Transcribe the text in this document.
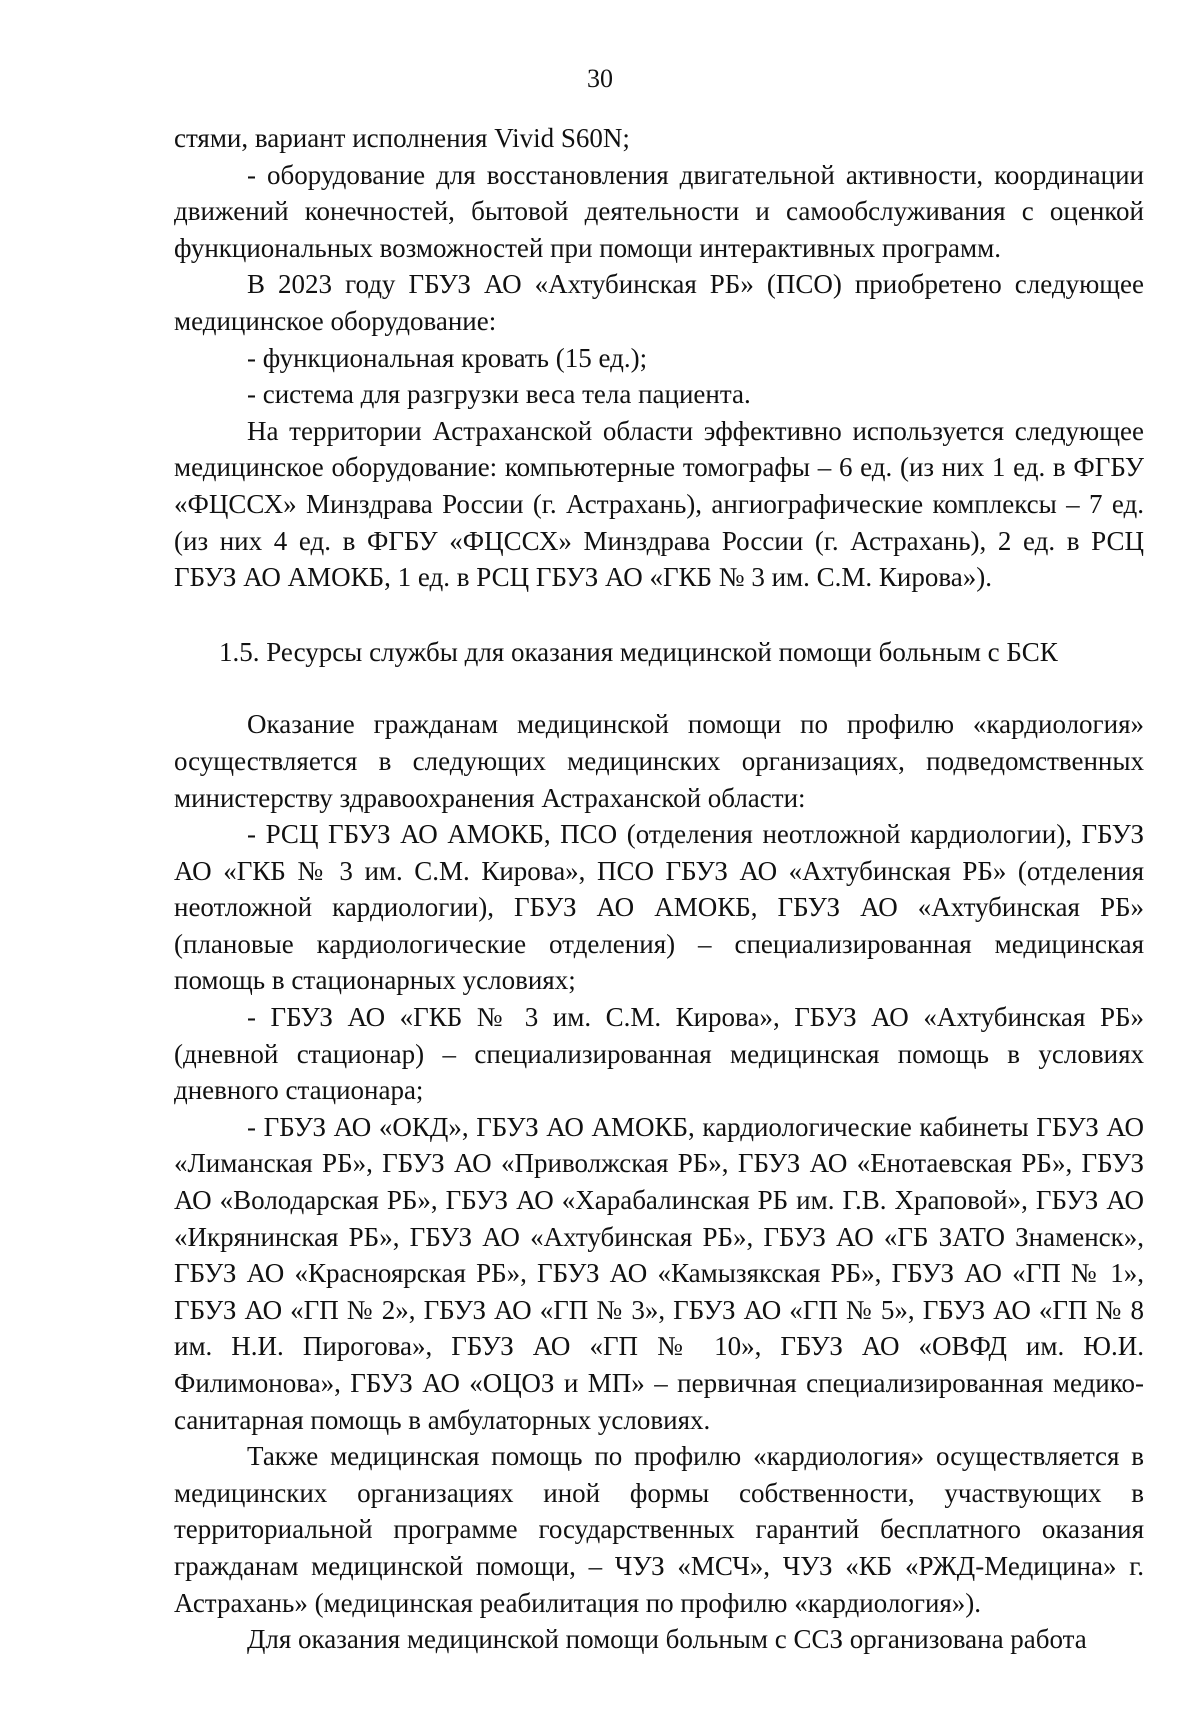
30

стями, вариант исполнения Vivid S60N;

- оборудование для восстановления двигательной активности, координации движений конечностей, бытовой деятельности и самообслуживания с оценкой функциональных возможностей при помощи интерактивных программ.

В 2023 году ГБУЗ АО «Ахтубинская РБ» (ПСО) приобретено следующее медицинское оборудование:

- функциональная кровать (15 ед.);

- система для разгрузки веса тела пациента.

На территории Астраханской области эффективно используется следующее медицинское оборудование: компьютерные томографы – 6 ед. (из них 1 ед. в ФГБУ «ФЦССХ» Минздрава России (г. Астрахань), ангиографические комплексы – 7 ед. (из них 4 ед. в ФГБУ «ФЦССХ» Минздрава России (г. Астрахань), 2 ед. в РСЦ ГБУЗ АО АМОКБ, 1 ед. в РСЦ ГБУЗ АО «ГКБ № 3 им. С.М. Кирова»).

1.5. Ресурсы службы для оказания медицинской помощи больным с БСК

Оказание гражданам медицинской помощи по профилю «кардиология» осуществляется в следующих медицинских организациях, подведомственных министерству здравоохранения Астраханской области:

- РСЦ ГБУЗ АО АМОКБ, ПСО (отделения неотложной кардиологии), ГБУЗ АО «ГКБ № 3 им. С.М. Кирова», ПСО ГБУЗ АО «Ахтубинская РБ» (отделения неотложной кардиологии), ГБУЗ АО АМОКБ, ГБУЗ АО «Ахтубинская РБ» (плановые кардиологические отделения) – специализированная медицинская помощь в стационарных условиях;

- ГБУЗ АО «ГКБ № 3 им. С.М. Кирова», ГБУЗ АО «Ахтубинская РБ» (дневной стационар) – специализированная медицинская помощь в условиях дневного стационара;

- ГБУЗ АО «ОКД», ГБУЗ АО АМОКБ, кардиологические кабинеты ГБУЗ АО «Лиманская РБ», ГБУЗ АО «Приволжская РБ», ГБУЗ АО «Енотаевская РБ», ГБУЗ АО «Володарская РБ», ГБУЗ АО «Харабалинская РБ им. Г.В. Храповой», ГБУЗ АО «Икрянинская РБ», ГБУЗ АО «Ахтубинская РБ», ГБУЗ АО «ГБ ЗАТО Знаменск», ГБУЗ АО «Красноярская РБ», ГБУЗ АО «Камызякская РБ», ГБУЗ АО «ГП № 1», ГБУЗ АО «ГП № 2», ГБУЗ АО «ГП № 3», ГБУЗ АО «ГП № 5», ГБУЗ АО «ГП № 8 им. Н.И. Пирогова», ГБУЗ АО «ГП № 10», ГБУЗ АО «ОВФД им. Ю.И. Филимонова», ГБУЗ АО «ОЦОЗ и МП» – первичная специализированная медико-санитарная помощь в амбулаторных условиях.

Также медицинская помощь по профилю «кардиология» осуществляется в медицинских организациях иной формы собственности, участвующих в территориальной программе государственных гарантий бесплатного оказания гражданам медицинской помощи, – ЧУЗ «МСЧ», ЧУЗ «КБ «РЖД-Медицина» г. Астрахань» (медицинская реабилитация по профилю «кардиология»).

Для оказания медицинской помощи больным с ССЗ организована работа
